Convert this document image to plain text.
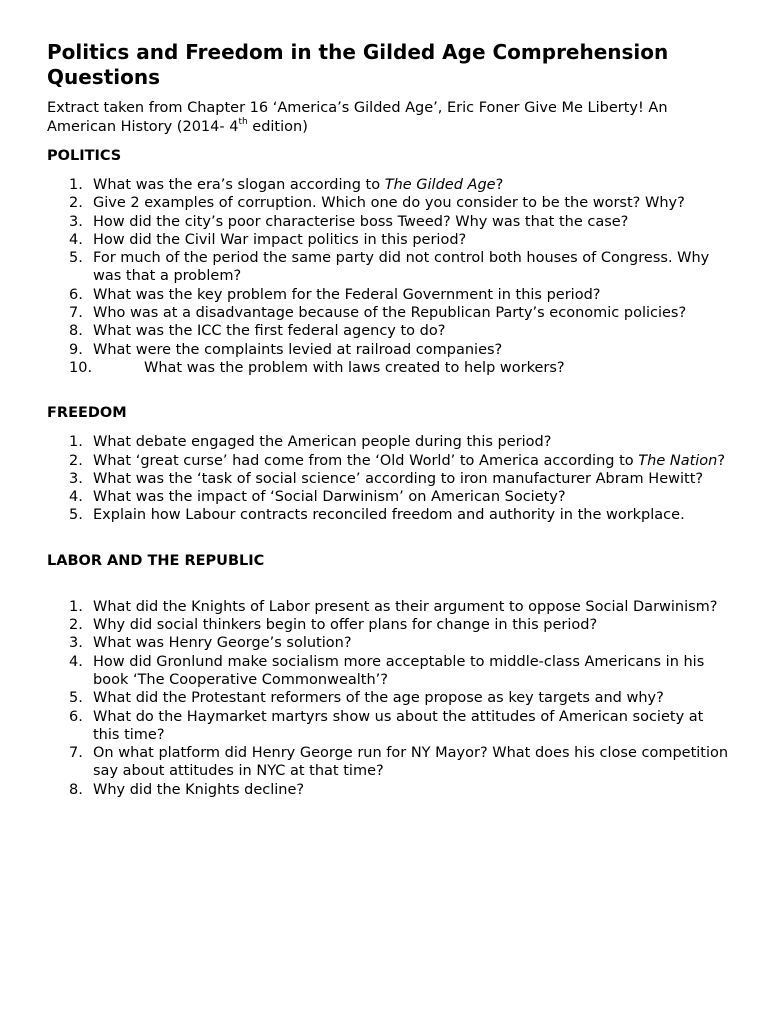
Politics and Freedom in the Gilded Age Comprehension Questions

Extract taken from Chapter 16 ‘America’s Gilded Age’, Eric Foner Give Me Liberty! An American History (2014- 4th edition)

POLITICS
1. What was the era’s slogan according to The Gilded Age?
2. Give 2 examples of corruption. Which one do you consider to be the worst? Why?
3. How did the city’s poor characterise boss Tweed? Why was that the case?
4. How did the Civil War impact politics in this period?
5. For much of the period the same party did not control both houses of Congress. Why was that a problem?
6. What was the key problem for the Federal Government in this period?
7. Who was at a disadvantage because of the Republican Party’s economic policies?
8. What was the ICC the first federal agency to do?
9. What were the complaints levied at railroad companies?
10.	What was the problem with laws created to help workers?
FREEDOM
1. What debate engaged the American people during this period?
2. What ‘great curse’ had come from the ‘Old World’ to America according to The Nation?
3. What was the ‘task of social science’ according to iron manufacturer Abram Hewitt?
4. What was the impact of ‘Social Darwinism’ on American Society?
5. Explain how Labour contracts reconciled freedom and authority in the workplace.
LABOR AND THE REPUBLIC
1. What did the Knights of Labor present as their argument to oppose Social Darwinism?
2. Why did social thinkers begin to offer plans for change in this period?
3. What was Henry George’s solution?
4. How did Gronlund make socialism more acceptable to middle-class Americans in his book ‘The Cooperative Commonwealth’?
5. What did the Protestant reformers of the age propose as key targets and why?
6. What do the Haymarket martyrs show us about the attitudes of American society at this time?
7. On what platform did Henry George run for NY Mayor? What does his close competition say about attitudes in NYC at that time?
8. Why did the Knights decline?
